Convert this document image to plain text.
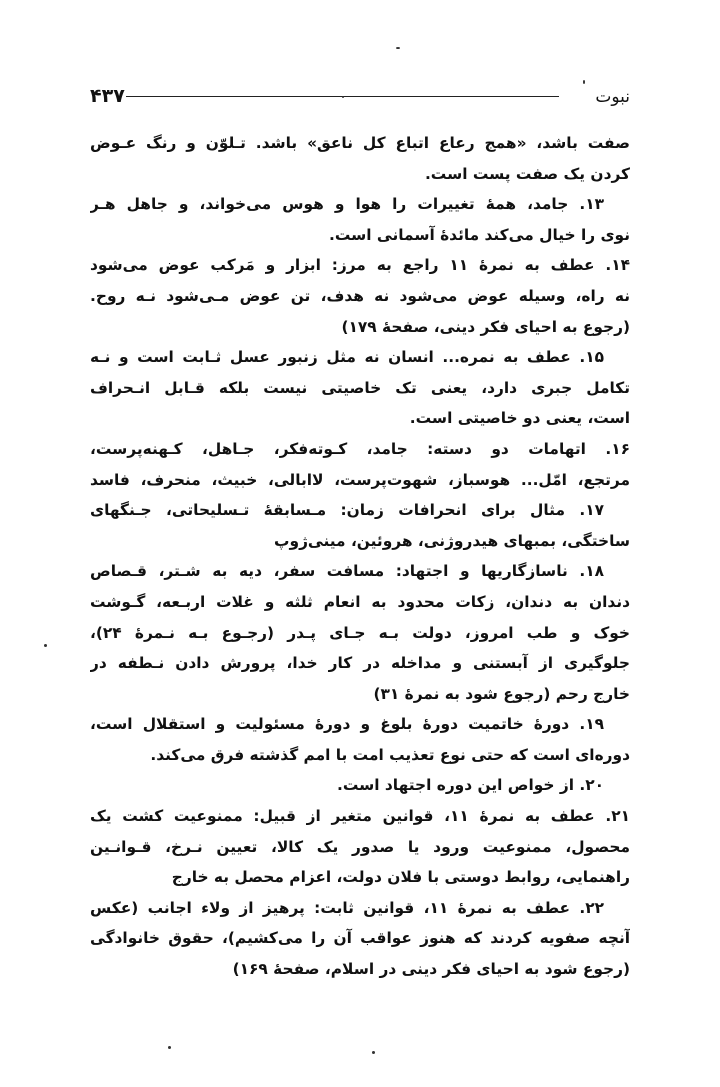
۴۳۷	نبوت
صفت باشد، «همج رعاع اتباع کل ناعق» باشد. تـلوّن و رنگ عـوض
کردن یک صفت پست است.
۱۳. جامد، همهٔ تغییرات را هوا و هوس می‌خواند، و جاهل هـر
نوی را خیال می‌کند مائدهٔ آسمانی است.
۱۴. عطف به نمرهٔ ۱۱ راجع به مرز: ابزار و مَرکب عوض می‌شود
نه راه، وسیله عوض می‌شود نه هدف، تن عوض مـی‌شود نـه روح.
(رجوع به احیای فکر دینی، صفحهٔ ۱۷۹)
۱۵. عطف به نمره... انسان نه مثل زنبور عسل ثـابت است و نـه
تکامل جبری دارد، یعنی تک خاصیتی نیست بلکه قـابل انـحراف
است، یعنی دو خاصیتی است.
۱۶. اتهامات دو دسته: جامد، کـوته‌فکر، جـاهل، کـهنه‌پرست،
مرتجع، امّل... هوسباز، شهوت‌پرست، لاابالی، خبیث، منحرف، فاسد
۱۷. مثال برای انحرافات زمان: مـسابقهٔ تـسلیحاتی، جـنگهای
ساختگی، بمبهای هیدروژنی، هروئین، مینی‌ژوپ
۱۸. ناسازگاریها و اجتهاد: مسافت سفر، دیه به شـتر، قـصاص
دندان به دندان، زکات محدود به انعام ثلثه و غلات اربـعه، گـوشت
خوک و طب امروز، دولت بـه جـای پـدر (رجـوع بـه نـمرهٔ ۲۴)،
جلوگیری از آبستنی و مداخله در کار خدا، پرورش دادن نـطفه در
خارج رحم (رجوع شود به نمرهٔ ۳۱)
۱۹. دورهٔ خاتمیت دورهٔ بلوغ و دورهٔ مسئولیت و استقلال است،
دوره‌ای است که حتی نوع تعذیب امت با امم گذشته فرق می‌کند.
۲۰. از خواص این دوره اجتهاد است.
۲۱. عطف به نمرهٔ ۱۱، قوانین متغیر از قبیل: ممنوعیت کشت یک
محصول، ممنوعیت ورود یا صدور یک کالا، تعیین نـرخ، قـوانـین
راهنمایی، روابط دوستی با فلان دولت، اعزام محصل به خارج
۲۲. عطف به نمرهٔ ۱۱، قوانین ثابت: پرهیز از ولاء اجانب (عکس
آنچه صفویه کردند که هنوز عواقب آن را می‌کشیم)، حقوق خانوادگی
(رجوع شود به احیای فکر دینی در اسلام، صفحهٔ ۱۶۹)
